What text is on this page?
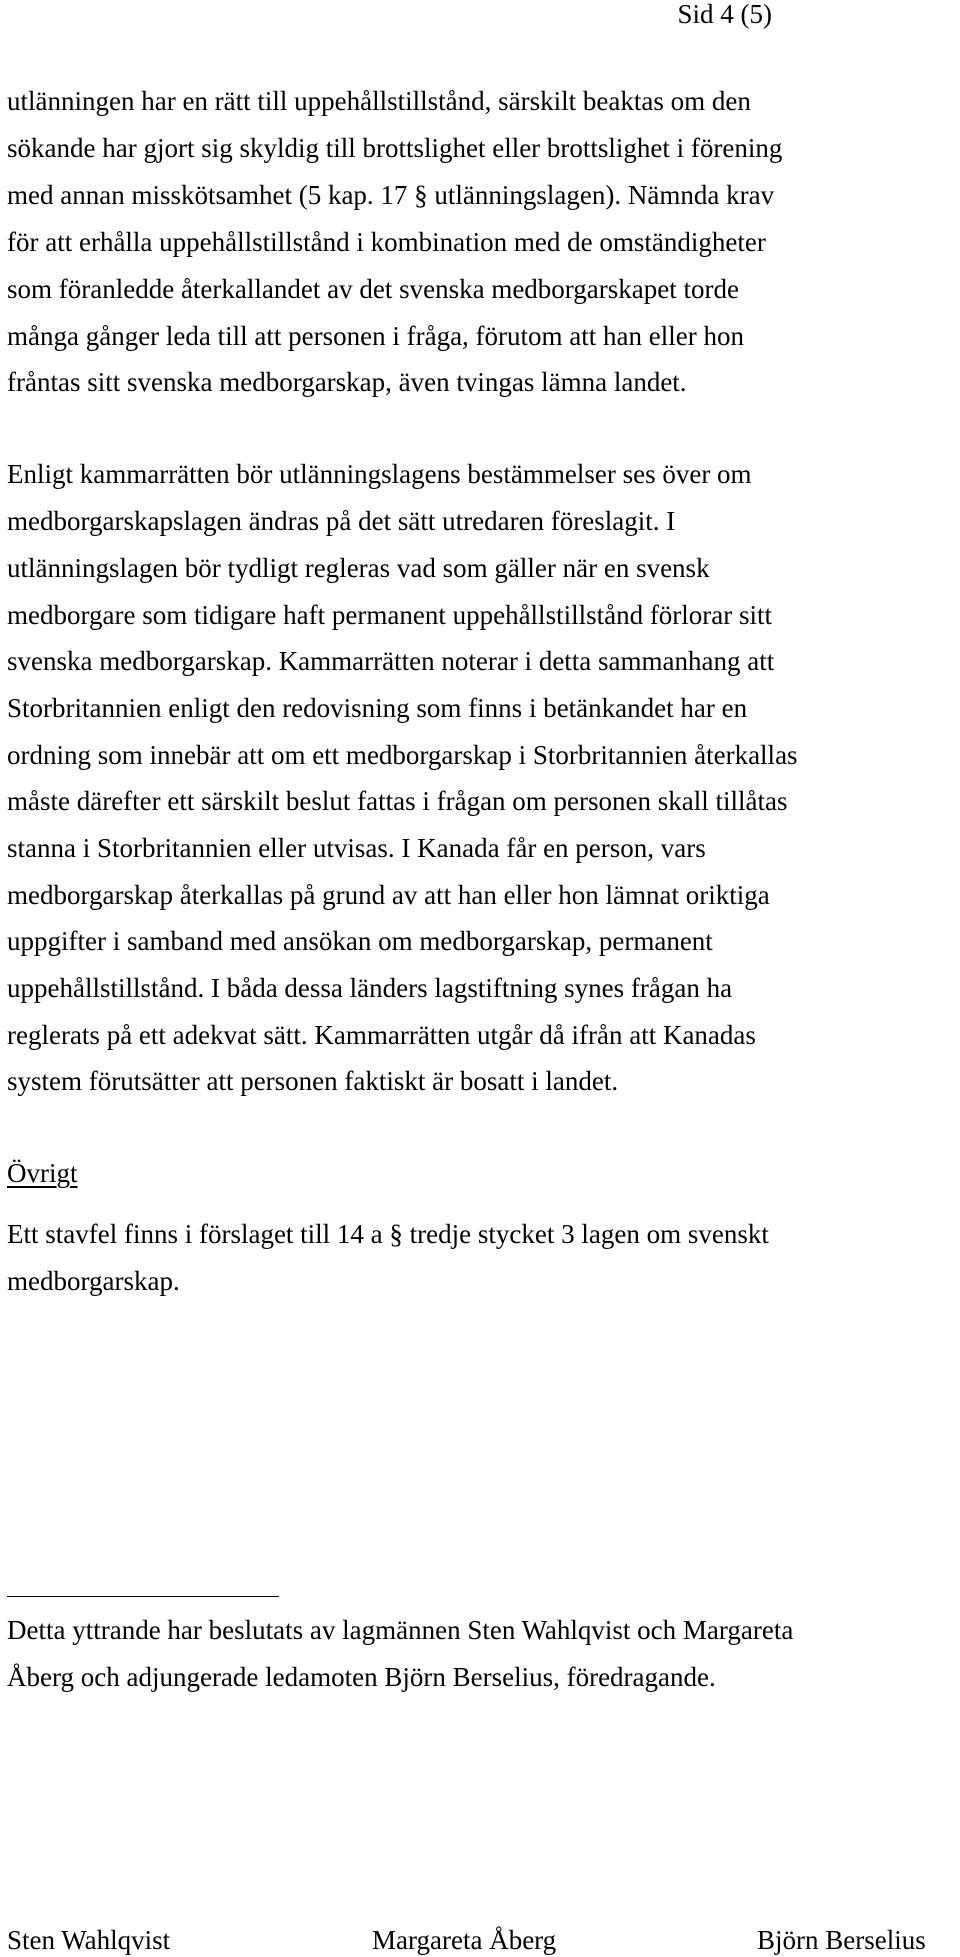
Sid 4 (5)
utlänningen har en rätt till uppehållstillstånd, särskilt beaktas om den
sökande har gjort sig skyldig till brottslighet eller brottslighet i förening
med annan misskötsamhet (5 kap. 17 § utlänningslagen). Nämnda krav
för att erhålla uppehållstillstånd i kombination med de omständigheter
som föranledde återkallandet av det svenska medborgarskapet torde
många gånger leda till att personen i fråga, förutom att han eller hon
fråntas sitt svenska medborgarskap, även tvingas lämna landet.
Enligt kammarrätten bör utlänningslagens bestämmelser ses över om
medborgarskapslagen ändras på det sätt utredaren föreslagit. I
utlänningslagen bör tydligt regleras vad som gäller när en svensk
medborgare som tidigare haft permanent uppehållstillstånd förlorar sitt
svenska medborgarskap. Kammarrätten noterar i detta sammanhang att
Storbritannien enligt den redovisning som finns i betänkandet har en
ordning som innebär att om ett medborgarskap i Storbritannien återkallas
måste därefter ett särskilt beslut fattas i frågan om personen skall tillåtas
stanna i Storbritannien eller utvisas. I Kanada får en person, vars
medborgarskap återkallas på grund av att han eller hon lämnat oriktiga
uppgifter i samband med ansökan om medborgarskap, permanent
uppehållstillstånd. I båda dessa länders lagstiftning synes frågan ha
reglerats på ett adekvat sätt. Kammarrätten utgår då ifrån att Kanadas
system förutsätter att personen faktiskt är bosatt i landet.
Övrigt
Ett stavfel finns i förslaget till 14 a § tredje stycket 3 lagen om svenskt
medborgarskap.
Detta yttrande har beslutats av lagmännen Sten Wahlqvist och Margareta
Åberg och adjungerade ledamoten Björn Berselius, föredragande.
Sten Wahlqvist	Margareta Åberg	Björn Berselius
